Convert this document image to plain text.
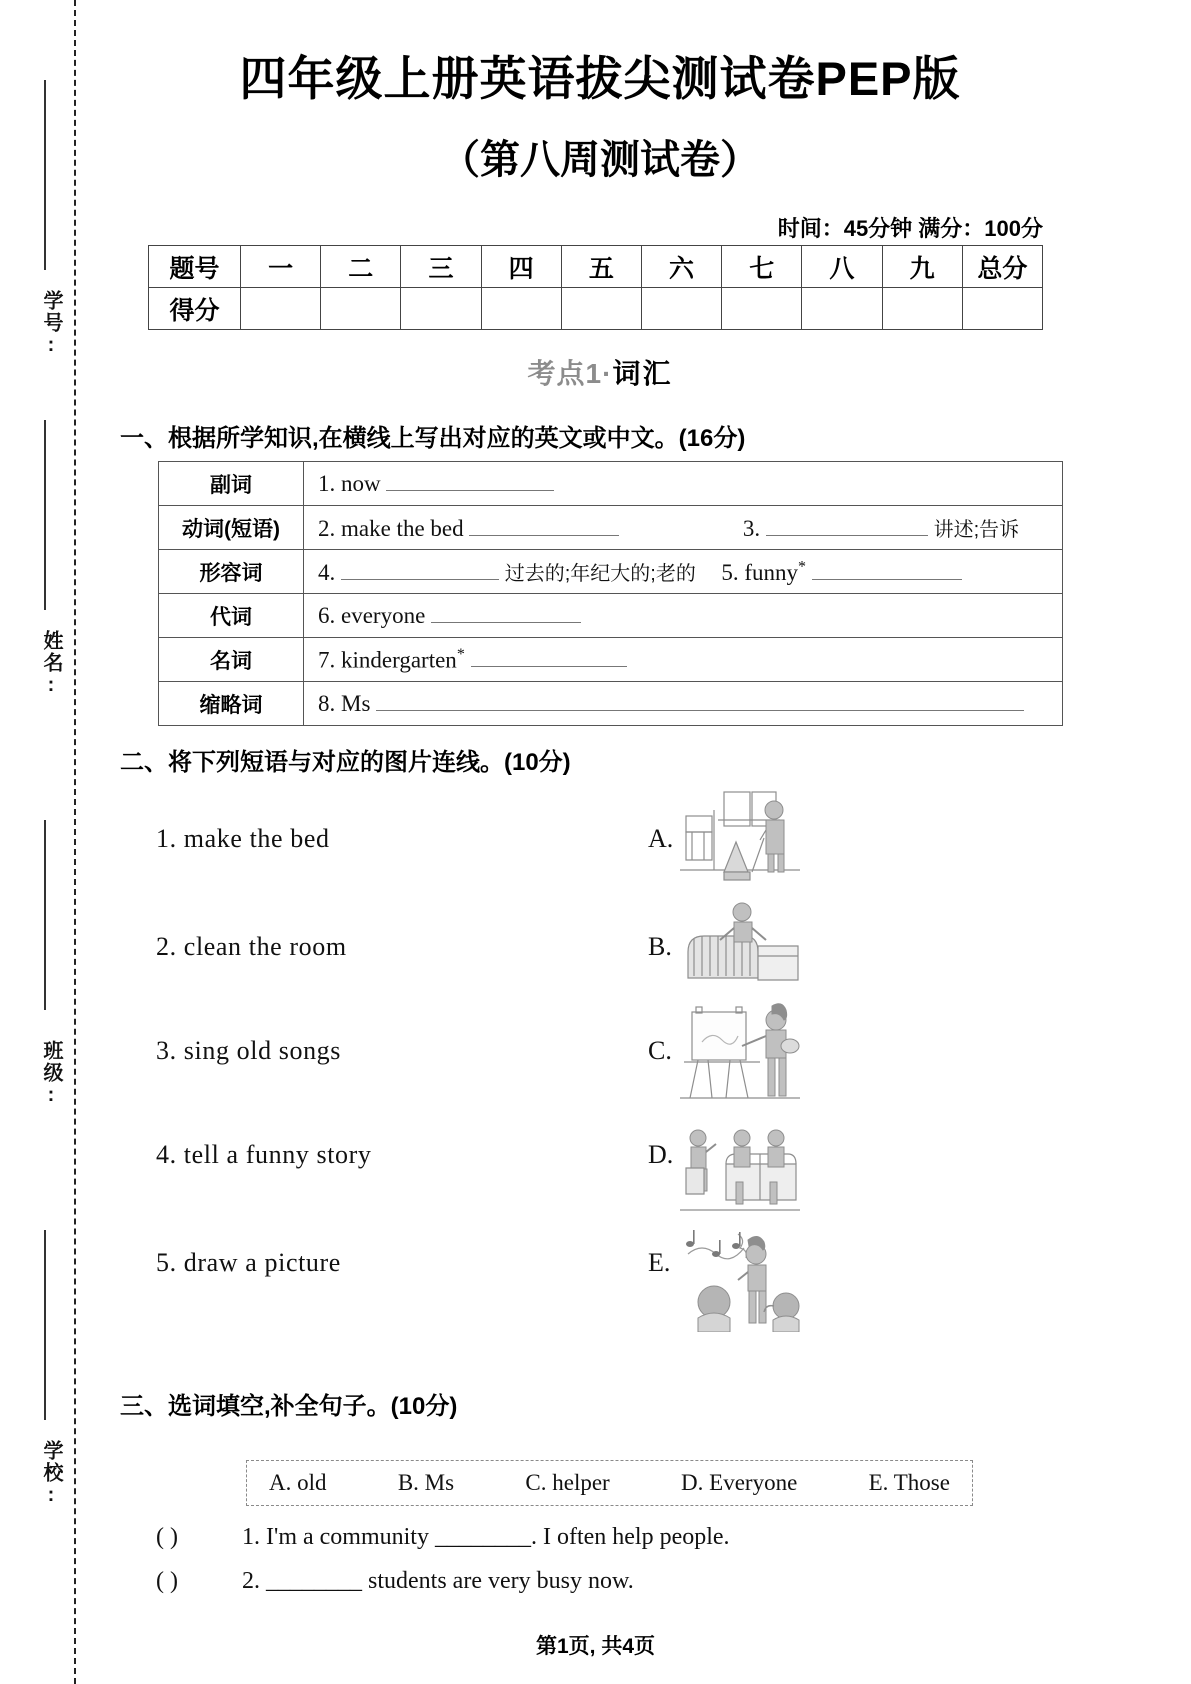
学号:
姓名:
班级:
学校:
四年级上册英语拔尖测试卷PEP版
（第八周测试卷）
时间：45分钟 满分：100分
题号	一	二	三	四	五	六	七	八	九	总分
得分										
考点1·词汇
一、根据所学知识,在横线上写出对应的英文或中文。(16分)
副词	1. now
动词(短语)	2. make the bed 3. 讲述;告诉
形容词	4. 过去的;年纪大的;老的 5. funny*
代词	6. everyone
名词	7. kindergarten*
缩略词	8. Ms
二、将下列短语与对应的图片连线。(10分)
1. make the bed
2. clean the room
3. sing old songs
4. tell a funny story
5. draw a picture
A.
B.
C.
D.
E.
三、选词填空,补全句子。(10分)
A. old	B. Ms	C. helper	D. Everyone	E. Those
( )	1. I'm a community ________. I often help people.
( )	2. ________ students are very busy now.
第1页, 共4页
